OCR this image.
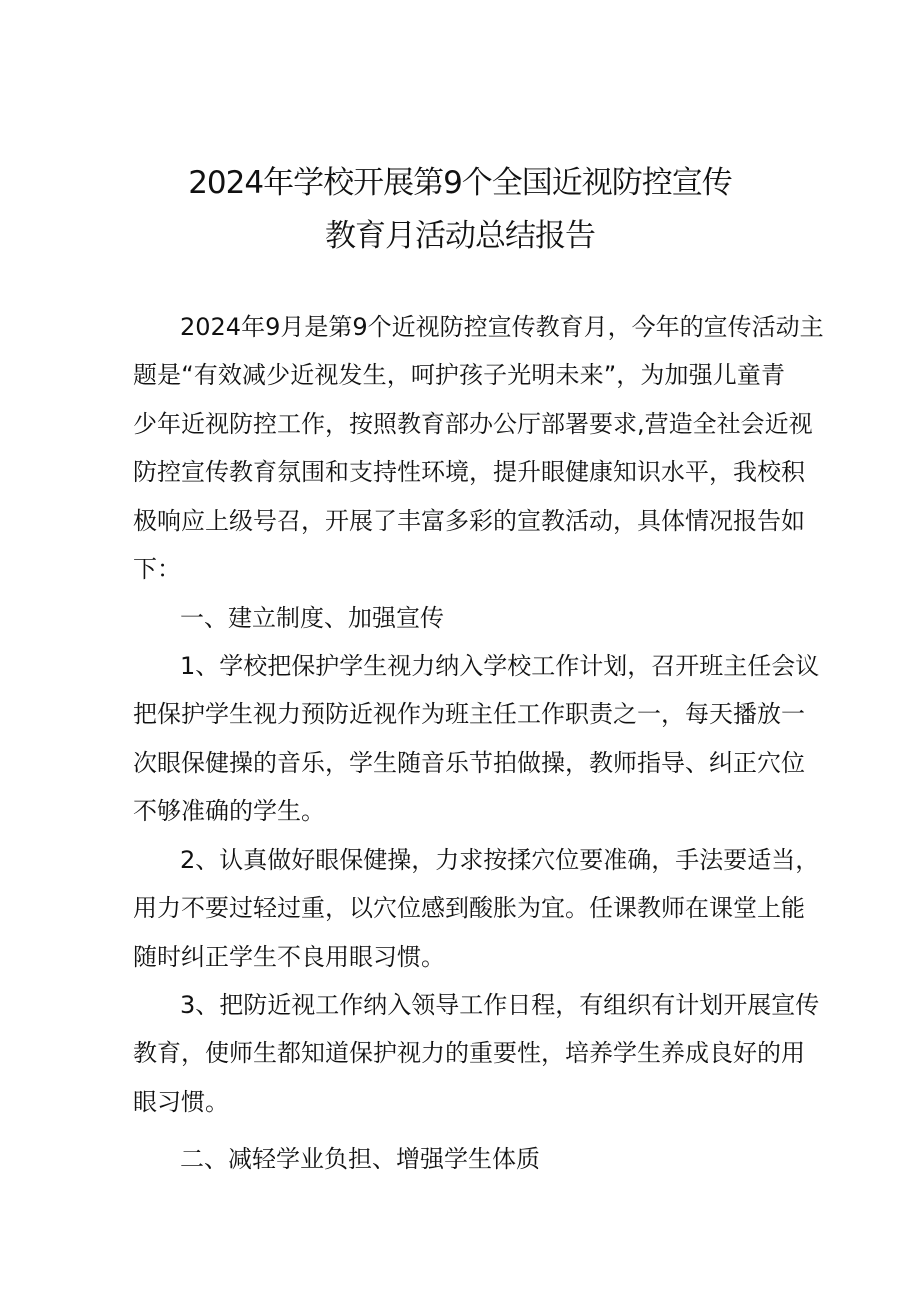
2024年学校开展第9个全国近视防控宣传
教育月活动总结报告
2024年9月是第9个近视防控宣传教育月，今年的宣传活动主
题是“有效减少近视发生，呵护孩子光明未来”，为加强儿童青
少年近视防控工作，按照教育部办公厅部署要求,营造全社会近视
防控宣传教育氛围和支持性环境，提升眼健康知识水平，我校积
极响应上级号召，开展了丰富多彩的宣教活动，具体情况报告如
下：
一、建立制度、加强宣传
1、学校把保护学生视力纳入学校工作计划，召开班主任会议
把保护学生视力预防近视作为班主任工作职责之一，每天播放一
次眼保健操的音乐，学生随音乐节拍做操，教师指导、纠正穴位
不够准确的学生。
2、认真做好眼保健操，力求按揉穴位要准确，手法要适当，
用力不要过轻过重，以穴位感到酸胀为宜。任课教师在课堂上能
随时纠正学生不良用眼习惯。
3、把防近视工作纳入领导工作日程，有组织有计划开展宣传
教育，使师生都知道保护视力的重要性，培养学生养成良好的用
眼习惯。
二、减轻学业负担、增强学生体质
